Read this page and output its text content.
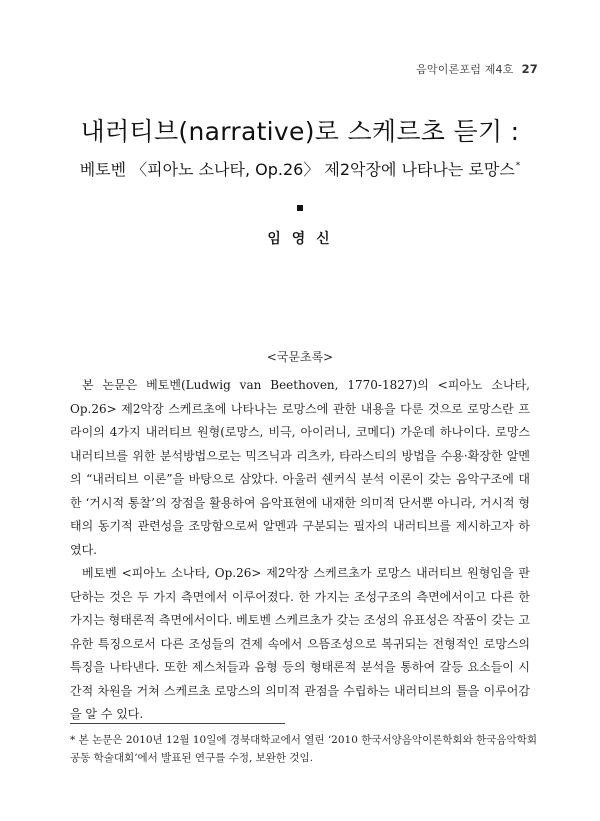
음악이론포럼 제4호 27
내러티브(narrative)로 스케르초 듣기 :
베토벤 〈피아노 소나타, Op.26〉 제2악장에 나타나는 로망스*
임 영 신
<국문초록>

본 논문은 베토벤(Ludwig van Beethoven, 1770-1827)의 <피아노 소나타, Op.26> 제2악장 스케르초에 나타나는 로망스에 관한 내용을 다룬 것으로 로망스란 프라이의 4가지 내러티브 원형(로망스, 비극, 아이러니, 코메디) 가운데 하나이다. 로망스 내러티브를 위한 분석방법으로는 믹즈닉과 리츠카, 타라스티의 방법을 수용·확장한 알멘의 “내러티브 이론”을 바탕으로 삼았다. 아울러 쉔커식 분석 이론이 갖는 음악구조에 대한 ‘거시적 통찰’의 장점을 활용하여 음악표현에 내재한 의미적 단서뿐 아니라, 거시적 형태의 동기적 관련성을 조망함으로써 알멘과 구분되는 필자의 내러티브를 제시하고자 하였다.

베토벤 <피아노 소나타, Op.26> 제2악장 스케르초가 로망스 내러티브 원형임을 판단하는 것은 두 가지 측면에서 이루어졌다. 한 가지는 조성구조의 측면에서이고 다른 한 가지는 형태론적 측면에서이다. 베토벤 스케르초가 갖는 조성의 유표성은 작품이 갖는 고유한 특징으로서 다른 조성들의 견제 속에서 으뜸조성으로 복귀되는 전형적인 로망스의 특징을 나타낸다. 또한 제스처들과 음형 등의 형태론적 분석을 통하여 갈등 요소들이 시간적 차원을 거쳐 스케르초 로망스의 의미적 관점을 수립하는 내러티브의 틀을 이루어감을 알 수 있다.

* 본 논문은 2010년 12월 10일에 경북대학교에서 열린 ‘2010 한국서양음악이론학회와 한국음악학회 공동 학술대회’에서 발표된 연구를 수정, 보완한 것임.
